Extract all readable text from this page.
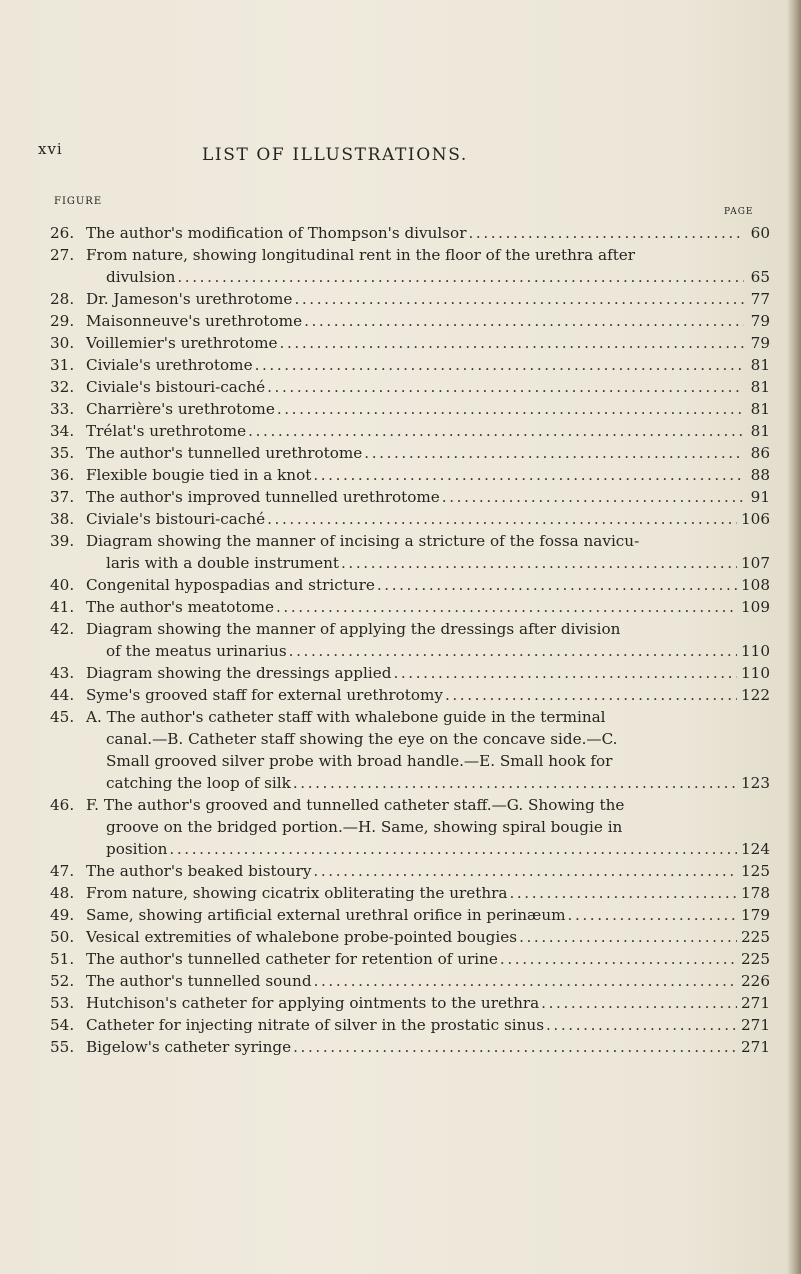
xvi	LIST OF ILLUSTRATIONS.
FIGURE
PAGE
26. The author's modification of Thompson's divulsor .....	60
27. From nature, showing longitudinal rent in the floor of the urethra after
divulsion .....	65
28. Dr. Jameson's urethrotome .....	77
29. Maisonneuve's urethrotome .....	79
30. Voillemier's urethrotome .....	79
31. Civiale's urethrotome .....	81
32. Civiale's bistouri-caché .....	81
33. Charrière's urethrotome .....	81
34. Trélat's urethrotome .....	81
35. The author's tunnelled urethrotome .....	86
36. Flexible bougie tied in a knot .....	88
37. The author's improved tunnelled urethrotome .....	91
38. Civiale's bistouri-caché .....	106
39. Diagram showing the manner of incising a stricture of the fossa navicu-
laris with a double instrument .....	107
40. Congenital hypospadias and stricture .....	108
41. The author's meatotome .....	109
42. Diagram showing the manner of applying the dressings after division
of the meatus urinarius .....	110
43. Diagram showing the dressings applied .....	110
44. Syme's grooved staff for external urethrotomy .....	122
45. A. The author's catheter staff with whalebone guide in the terminal
canal.—B. Catheter staff showing the eye on the concave side.—C.
Small grooved silver probe with broad handle.—E. Small hook for
catching the loop of silk .....	123
46. F. The author's grooved and tunnelled catheter staff.—G. Showing the
groove on the bridged portion.—H. Same, showing spiral bougie in
position .....	124
47. The author's beaked bistoury .....	125
48. From nature, showing cicatrix obliterating the urethra .....	178
49. Same, showing artificial external urethral orifice in perinæum .....	179
50. Vesical extremities of whalebone probe-pointed bougies .....	225
51. The author's tunnelled catheter for retention of urine .....	225
52. The author's tunnelled sound .....	226
53. Hutchison's catheter for applying ointments to the urethra .....	271
54. Catheter for injecting nitrate of silver in the prostatic sinus .....	271
55. Bigelow's catheter syringe .....	271
